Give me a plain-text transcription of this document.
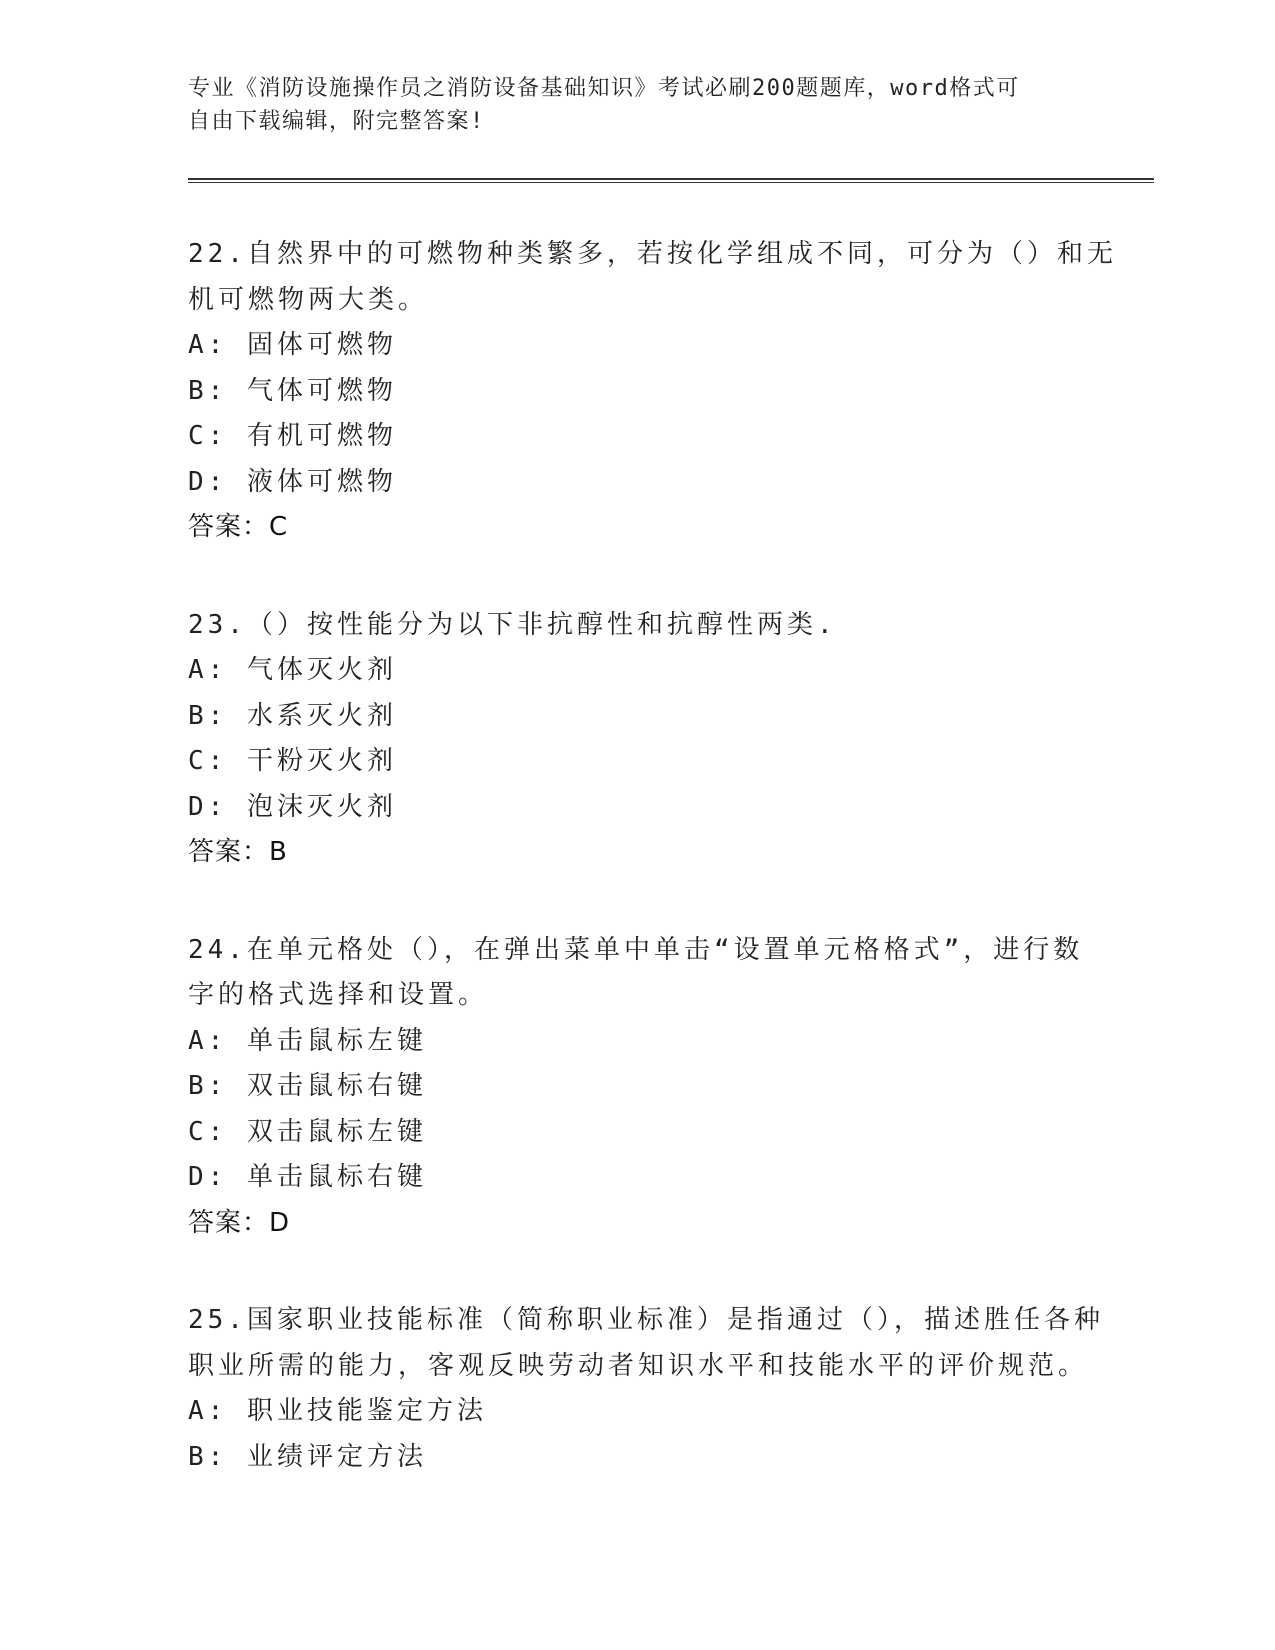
专业《消防设施操作员之消防设备基础知识》考试必刷200题题库，word格式可
自由下载编辑，附完整答案!
22.自然界中的可燃物种类繁多，若按化学组成不同，可分为（）和无
机可燃物两大类。
A: 固体可燃物
B: 气体可燃物
C: 有机可燃物
D: 液体可燃物
答案：C
23.（）按性能分为以下非抗醇性和抗醇性两类.
A: 气体灭火剂
B: 水系灭火剂
C: 干粉灭火剂
D: 泡沫灭火剂
答案：B
24.在单元格处（），在弹出菜单中单击“设置单元格格式”，进行数
字的格式选择和设置。
A: 单击鼠标左键
B: 双击鼠标右键
C: 双击鼠标左键
D: 单击鼠标右键
答案：D
25.国家职业技能标准（简称职业标准）是指通过（），描述胜任各种
职业所需的能力，客观反映劳动者知识水平和技能水平的评价规范。
A: 职业技能鉴定方法
B: 业绩评定方法
